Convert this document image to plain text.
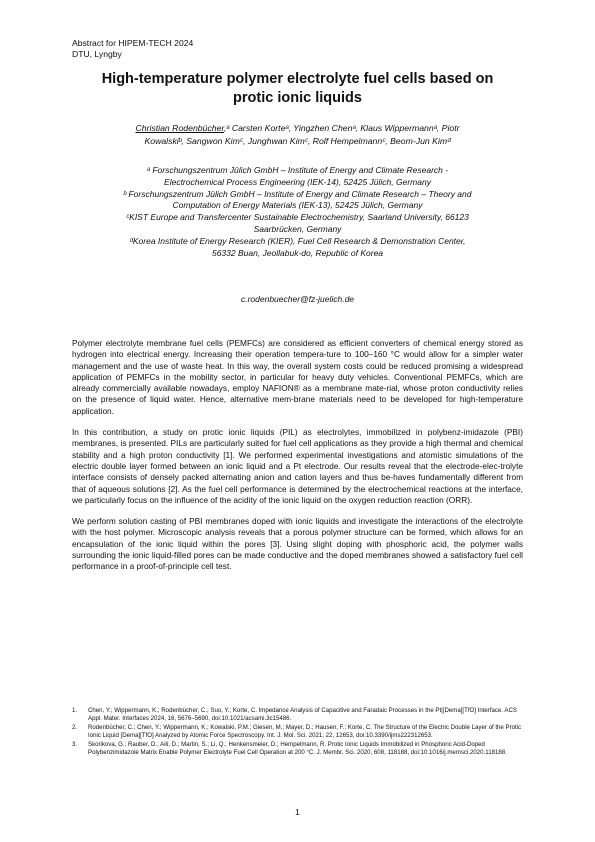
Abstract for HIPEM-TECH 2024
DTU, Lyngby
High-temperature polymer electrolyte fuel cells based on
protic ionic liquids
Christian Rodenbücher,ᵃ Carsten Korteᵃ, Yingzhen Chenᵃ, Klaus Wippermannᵃ, Piotr
Kowalskiᵇ, Sangwon Kimᶜ, Junghwan Kimᶜ, Rolf Hempelmannᶜ, Beom-Jun Kimᵈ

ᵃ Forschungszentrum Jülich GmbH – Institute of Energy and Climate Research -
Electrochemical Process Engineering (IEK-14), 52425 Jülich, Germany

ᵇ Forschungszentrum Jülich GmbH – Institute of Energy and Climate Research – Theory and
Computation of Energy Materials (IEK-13), 52425 Jülich, Germany

ᶜKIST Europe and Transfercenter Sustainable Electrochemistry, Saarland University, 66123
Saarbrücken, Germany

ᵈKorea Institute of Energy Research (KIER), Fuel Cell Research & Demonstration Center,
56332 Buan, Jeollabuk-do, Republic of Korea

c.rodenbuecher@fz-juelich.de

Polymer electrolyte membrane fuel cells (PEMFCs) are considered as efficient converters of chemical energy stored as hydrogen into electrical energy. Increasing their operation tempera-ture to 100–160 °C would allow for a simpler water management and the use of waste heat. In this way, the overall system costs could be reduced promising a widespread application of PEMFCs in the mobility sector, in particular for heavy duty vehicles. Conventional PEMFCs, which are already commercially available nowadays, employ NAFION® as a membrane mate-rial, whose proton conductivity relies on the presence of liquid water. Hence, alternative mem-brane materials need to be developed for high-temperature application.

In this contribution, a study on protic ionic liquids (PIL) as electrolytes, immobilized in polybenz-imidazole (PBI) membranes, is presented. PILs are particularly suited for fuel cell applications as they provide a high thermal and chemical stability and a high proton conductivity [1]. We performed experimental investigations and atomistic simulations of the electric double layer formed between an ionic liquid and a Pt electrode. Our results reveal that the electrode-elec-trolyte interface consists of densely packed alternating anion and cation layers and thus be-haves fundamentally different from that of aqueous solutions [2]. As the fuel cell performance is determined by the electrochemical reactions at the interface, we particularly focus on the influence of the acidity of the ionic liquid on the oxygen reduction reaction (ORR).

We perform solution casting of PBI membranes doped with ionic liquids and investigate the interactions of the electrolyte with the host polymer. Microscopic analysis reveals that a porous polymer structure can be formed, which allows for an encapsulation of the ionic liquid within the pores [3]. Using slight doping with phosphoric acid, the polymer walls surrounding the ionic liquid-filled pores can be made conductive and the doped membranes showed a satisfactory fuel cell performance in a proof-of-principle cell test.

1.	Chen, Y.; Wippermann, K.; Rodenbücher, C.; Suo, Y.; Korte, C. Impedance Analysis of Capacitive and Faradaic Processes in the Pt|[Dema][TfO] Interface. ACS Appl. Mater. Interfaces 2024, 16, 5676–5690, doi:10.1021/acsami.3c15486.
2.	Rodenbücher, C.; Chen, Y.; Wippermann, K.; Kowalski, P.M.; Giesen, M.; Mayer, D.; Hausen, F.; Korte, C. The Structure of the Electric Double Layer of the Protic Ionic Liquid [Dema][TfO] Analyzed by Atomic Force Spectroscopy. Int. J. Mol. Sci. 2021, 22, 12653, doi:10.3390/ijms222312653.
3.	Skorikova, G.; Rauber, D.; Aili, D.; Martin, S.; Li, Q.; Henkensmeier, D.; Hempelmann, R. Protic Ionic Liquids Immobilized in Phosphoric Acid-Doped Polybenzimidazole Matrix Enable Polymer Electrolyte Fuel Cell Operation at 200 °C. J. Membr. Sci. 2020, 608, 118188, doi:10.1016/j.memsci.2020.118188.
1
